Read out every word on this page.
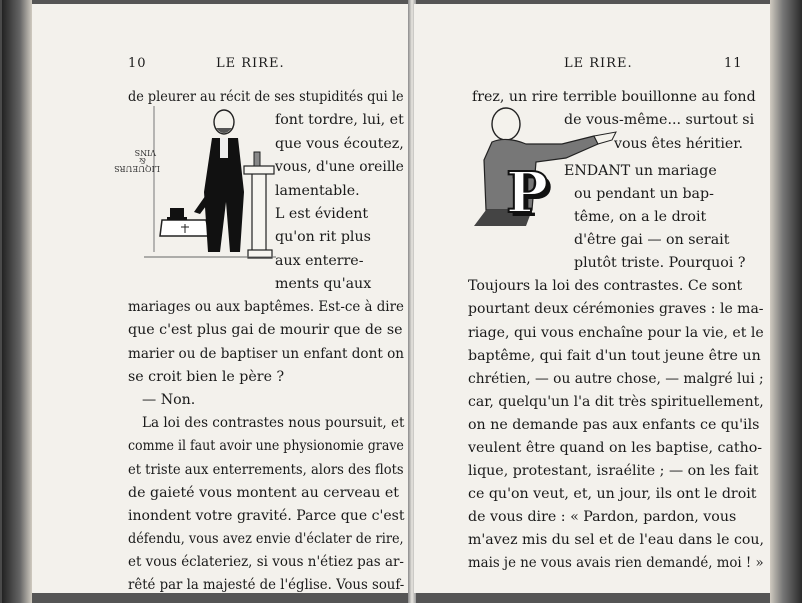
10	LE RIRE.
VINS
&
LIQUEURS
de pleurer au récit de ses stupidités qui le
font tordre, lui, et
que vous écoutez,
vous, d'une oreille
lamentable.
L est évident
qu'on rit plus
aux enterre-
ments qu'aux
mariages ou aux baptêmes. Est-ce à dire
que c'est plus gai de mourir que de se
marier ou de baptiser un enfant dont on
se croit bien le père ?
— Non.
La loi des contrastes nous poursuit, et
comme il faut avoir une physionomie grave
et triste aux enterrements, alors des flots
de gaieté vous montent au cerveau et
inondent votre gravité. Parce que c'est
défendu, vous avez envie d'éclater de rire,
et vous éclateriez, si vous n'étiez pas ar-
rêté par la majesté de l'église. Vous souf-
LE RIRE.	11
P
frez, un rire terrible bouillonne au fond
de vous-même... surtout si
vous êtes héritier.
ENDANT un mariage
ou pendant un bap-
tême, on a le droit
d'être gai — on serait
plutôt triste. Pourquoi ?
Toujours la loi des contrastes. Ce sont
pourtant deux cérémonies graves : le ma-
riage, qui vous enchaîne pour la vie, et le
baptême, qui fait d'un tout jeune être un
chrétien, — ou autre chose, — malgré lui ;
car, quelqu'un l'a dit très spirituellement,
on ne demande pas aux enfants ce qu'ils
veulent être quand on les baptise, catho-
lique, protestant, israélite ; — on les fait
ce qu'on veut, et, un jour, ils ont le droit
de vous dire : « Pardon, pardon, vous
m'avez mis du sel et de l'eau dans le cou,
mais je ne vous avais rien demandé, moi ! »
